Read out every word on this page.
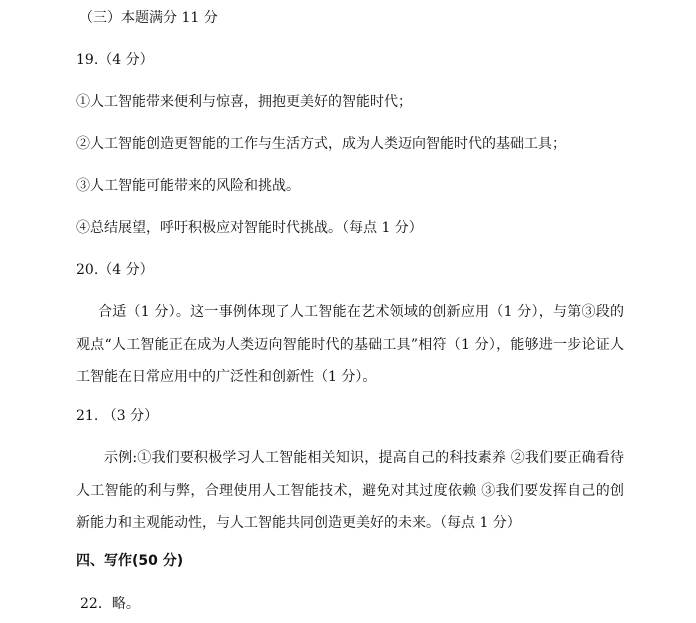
（三）本题满分 11 分
19.（4 分）
①人工智能带来便利与惊喜，拥抱更美好的智能时代；
②人工智能创造更智能的工作与生活方式，成为人类迈向智能时代的基础工具；
③人工智能可能带来的风险和挑战。
④总结展望，呼吁积极应对智能时代挑战。（每点 1 分）
20.（4 分）
合适（1 分）。这一事例体现了人工智能在艺术领域的创新应用（1 分），与第③段的观点“人工智能正在成为人类迈向智能时代的基础工具”相符（1 分），能够进一步论证人工智能在日常应用中的广泛性和创新性（1 分）。
21. （3 分）
示例:①我们要积极学习人工智能相关知识，提高自己的科技素养 ②我们要正确看待人工智能的利与弊，合理使用人工智能技术，避免对其过度依赖 ③我们要发挥自己的创新能力和主观能动性，与人工智能共同创造更美好的未来。（每点 1 分）
四、写作(50 分)
22．略。
